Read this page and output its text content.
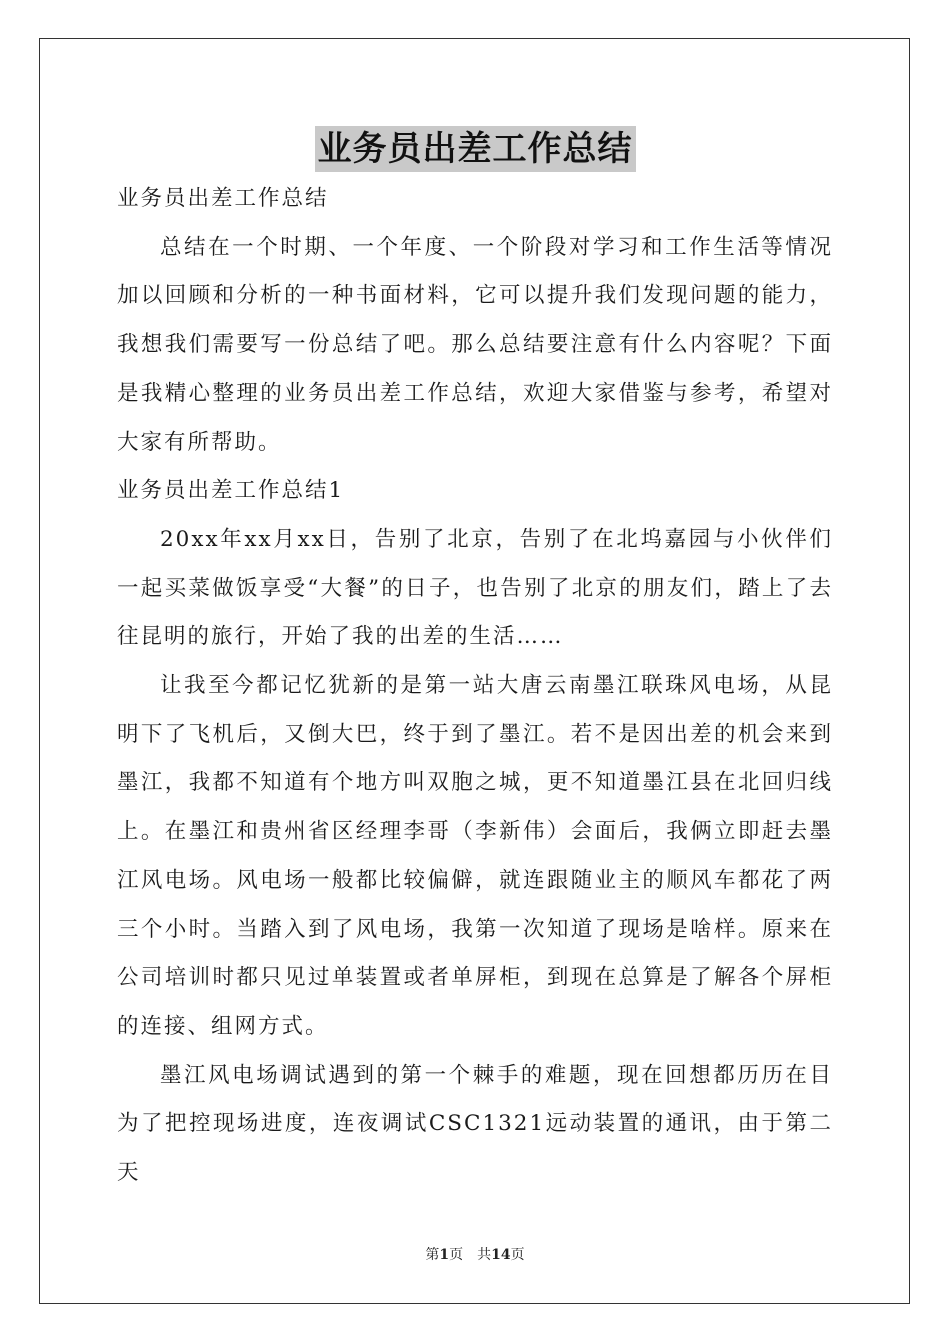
业务员出差工作总结

业务员出差工作总结

总结在一个时期、一个年度、一个阶段对学习和工作生活等情况加以回顾和分析的一种书面材料，它可以提升我们发现问题的能力，我想我们需要写一份总结了吧。那么总结要注意有什么内容呢？下面是我精心整理的业务员出差工作总结，欢迎大家借鉴与参考，希望对大家有所帮助。

业务员出差工作总结1

20xx年xx月xx日，告别了北京，告别了在北坞嘉园与小伙伴们一起买菜做饭享受“大餐”的日子，也告别了北京的朋友们，踏上了去往昆明的旅行，开始了我的出差的生活……

让我至今都记忆犹新的是第一站大唐云南墨江联珠风电场，从昆明下了飞机后，又倒大巴，终于到了墨江。若不是因出差的机会来到墨江，我都不知道有个地方叫双胞之城，更不知道墨江县在北回归线上。在墨江和贵州省区经理李哥（李新伟）会面后，我俩立即赶去墨江风电场。风电场一般都比较偏僻，就连跟随业主的顺风车都花了两三个小时。当踏入到了风电场，我第一次知道了现场是啥样。原来在公司培训时都只见过单装置或者单屏柜，到现在总算是了解各个屏柜的连接、组网方式。

墨江风电场调试遇到的第一个棘手的难题，现在回想都历历在目为了把控现场进度，连夜调试CSC1321远动装置的通讯，由于第二天

第1页　共14页
